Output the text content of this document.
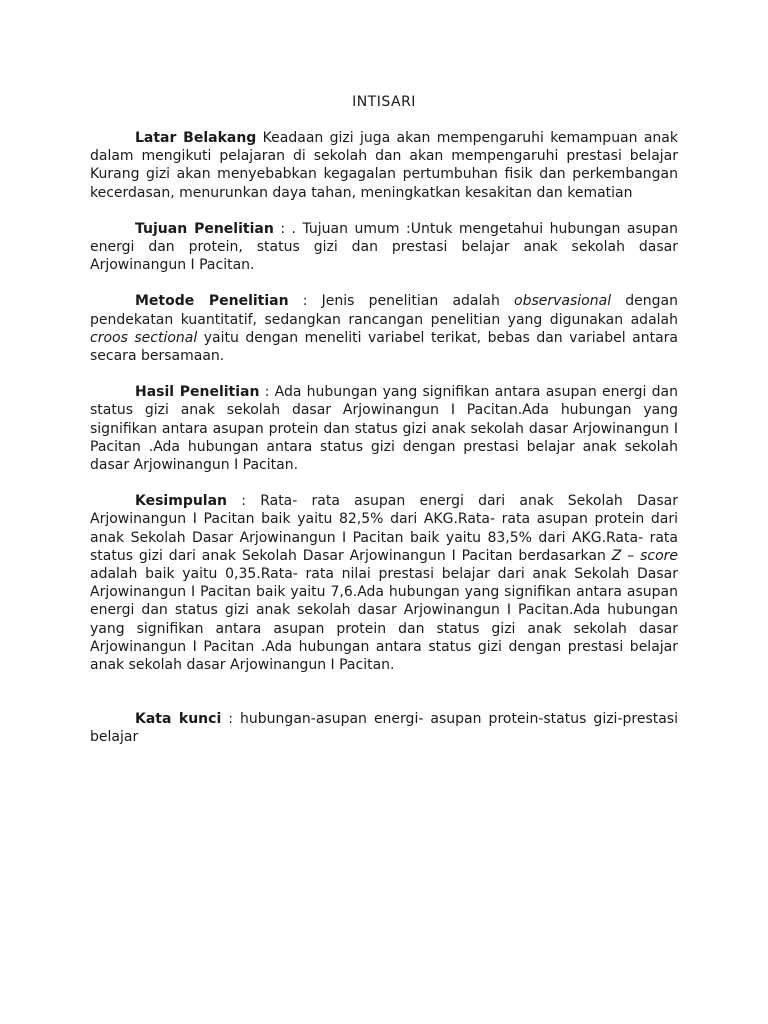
INTISARI

Latar Belakang Keadaan gizi juga akan mempengaruhi kemampuan anak dalam mengikuti pelajaran di sekolah dan akan mempengaruhi prestasi belajar Kurang gizi akan menyebabkan kegagalan pertumbuhan fisik dan perkembangan kecerdasan, menurunkan daya tahan, meningkatkan kesakitan dan kematian

Tujuan Penelitian : . Tujuan umum :Untuk mengetahui hubungan asupan energi dan protein, status gizi dan prestasi belajar anak sekolah dasar Arjowinangun I Pacitan.

Metode Penelitian : Jenis penelitian adalah observasional dengan pendekatan kuantitatif, sedangkan rancangan penelitian yang digunakan adalah croos sectional yaitu dengan meneliti variabel terikat, bebas dan variabel antara secara bersamaan.

Hasil Penelitian : Ada hubungan yang signifikan antara asupan energi dan status gizi anak sekolah dasar Arjowinangun I Pacitan.Ada hubungan yang signifikan antara asupan protein dan status gizi anak sekolah dasar Arjowinangun I Pacitan .Ada hubungan antara status gizi dengan prestasi belajar anak sekolah dasar Arjowinangun I Pacitan.

Kesimpulan : Rata- rata asupan energi dari anak Sekolah Dasar Arjowinangun I Pacitan baik yaitu 82,5% dari AKG.Rata- rata asupan protein dari anak Sekolah Dasar Arjowinangun I Pacitan baik yaitu 83,5% dari AKG.Rata- rata status gizi dari anak Sekolah Dasar Arjowinangun I Pacitan berdasarkan Z – score adalah baik yaitu 0,35.Rata- rata nilai prestasi belajar dari anak Sekolah Dasar Arjowinangun I Pacitan baik yaitu 7,6.Ada hubungan yang signifikan antara asupan energi dan status gizi anak sekolah dasar Arjowinangun I Pacitan.Ada hubungan yang signifikan antara asupan protein dan status gizi anak sekolah dasar Arjowinangun I Pacitan .Ada hubungan antara status gizi dengan prestasi belajar anak sekolah dasar Arjowinangun I Pacitan.

Kata kunci : hubungan-asupan energi- asupan protein-status gizi-prestasi belajar
